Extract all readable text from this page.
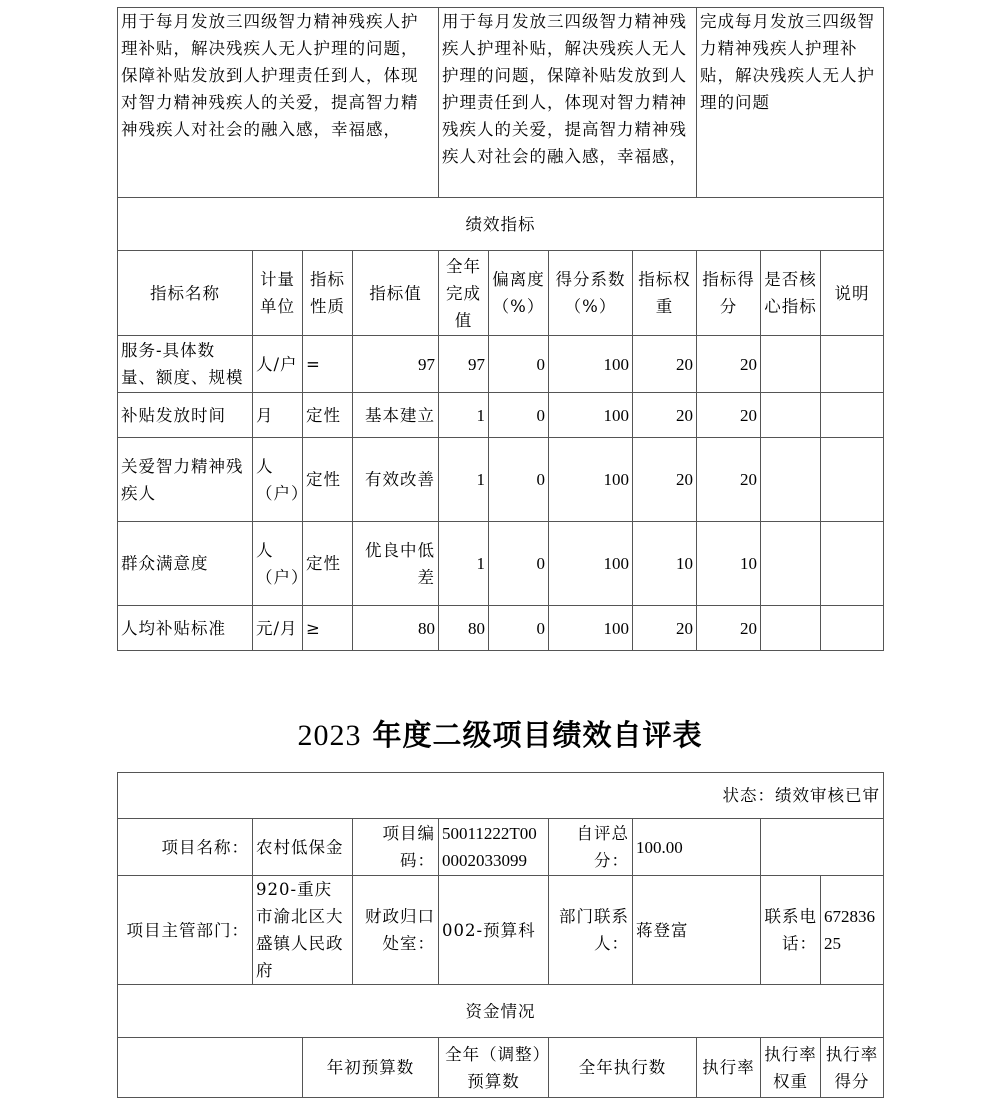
用于每月发放三四级智力精神残疾人护理补贴，解决残疾人无人护理的问题，保障补贴发放到人护理责任到人，体现对智力精神残疾人的关爱，提高智力精神残疾人对社会的融入感，幸福感，				用于每月发放三四级智力精神残疾人护理补贴，解决残疾人无人护理的问题，保障补贴发放到人护理责任到人，体现对智力精神残疾人的关爱，提高智力精神残疾人对社会的融入感，幸福感，				完成每月发放三四级智力精神残疾人护理补贴，解决残疾人无人护理的问题		
绩效指标										
指标名称	计量单位	指标性质	指标值	全年完成值	偏离度（%）	得分系数（%）	指标权重	指标得分	是否核心指标	说明
服务-具体数量、额度、规模	人/户	=	97	97	0	100	20	20		
补贴发放时间	月	定性	基本建立	1	0	100	20	20		
关爱智力精神残疾人	人（户）	定性	有效改善	1	0	100	20	20		
群众满意度	人（户）	定性	优良中低差	1	0	100	10	10		
人均补贴标准	元/月	≥	80	80	0	100	20	20		
2023 年度二级项目绩效自评表
状态：绩效审核已审									
项目名称：	农村低保金		项目编码：	50011222T000002033099	自评总分：	100.00			
项目主管部门：	920-重庆市渝北区大盛镇人民政府		财政归口处室：	002-预算科	部门联系人：	蒋登富		联系电话：	67283625
资金情况									
		年初预算数		全年（调整）预算数	全年执行数		执行率	执行率权重	执行率得分
